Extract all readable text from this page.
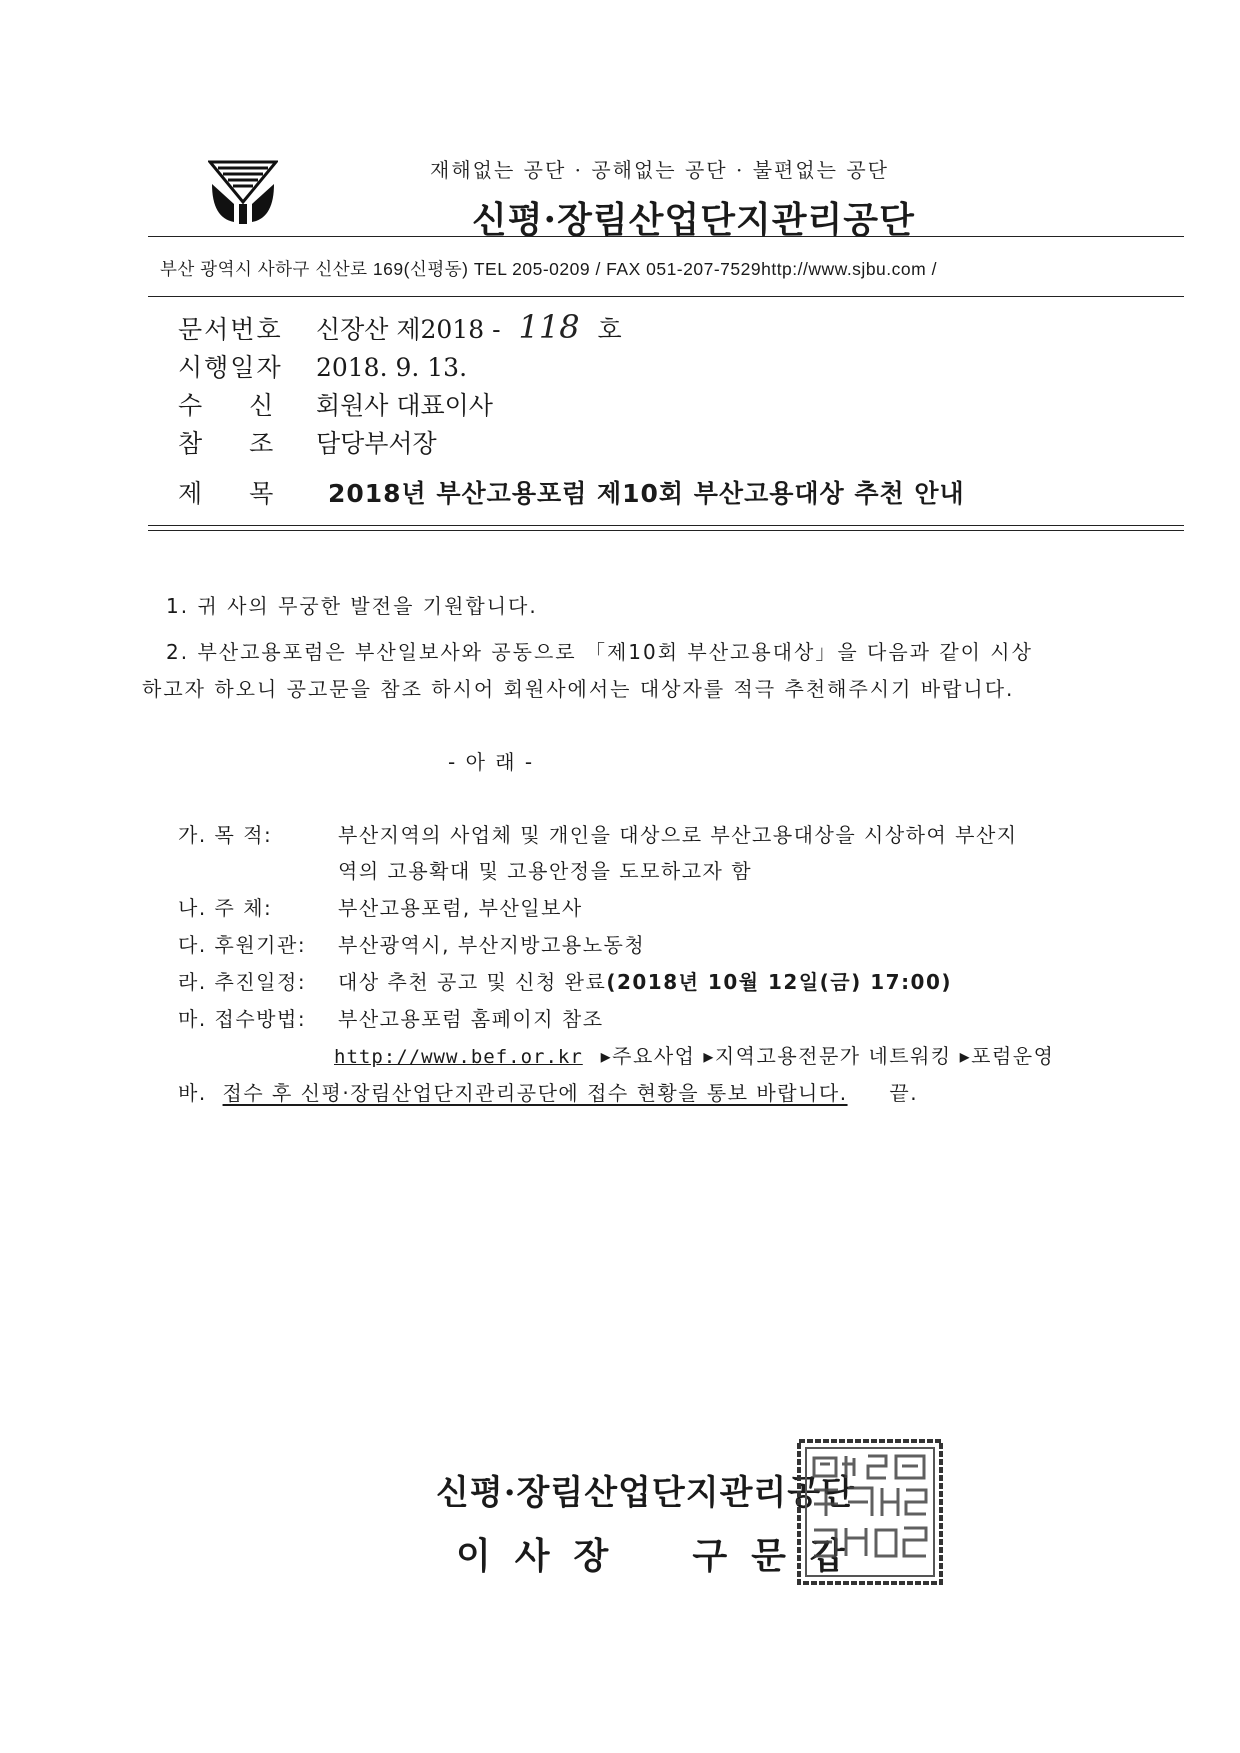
재해없는 공단 · 공해없는 공단 · 불편없는 공단
신평·장림산업단지관리공단
부산 광역시 사하구 신산로 169(신평동) TEL 205-0209 / FAX 051-207-7529http://www.sjbu.com /
문서번호 신장산 제2018 - 118 호
시행일자 2018. 9. 13.
수신 회원사 대표이사
참조 담당부서장
제목 2018년 부산고용포럼 제10회 부산고용대상 추천 안내
1. 귀 사의 무궁한 발전을 기원합니다.
2. 부산고용포럼은 부산일보사와 공동으로 「제10회 부산고용대상」을 다음과 같이 시상
하고자 하오니 공고문을 참조 하시어 회원사에서는 대상자를 적극 추천해주시기 바랍니다.
- 아 래 -
가. 목 적:	부산지역의 사업체 및 개인을 대상으로 부산고용대상을 시상하여 부산지
역의 고용확대 및 고용안정을 도모하고자 함
나. 주 체:	부산고용포럼, 부산일보사
다. 후원기관: 부산광역시, 부산지방고용노동청
라. 추진일정: 대상 추천 공고 및 신청 완료(2018년 10월 12일(금) 17:00)
마. 접수방법: 부산고용포럼 홈페이지 참조
http://www.bef.or.kr ▸주요사업 ▸지역고용전문가 네트워킹 ▸포럼운영
바. 접수 후 신평·장림산업단지관리공단에 접수 현황을 통보 바랍니다. 끝.
신평·장림산업단지관리공단
이사장 구문갑
